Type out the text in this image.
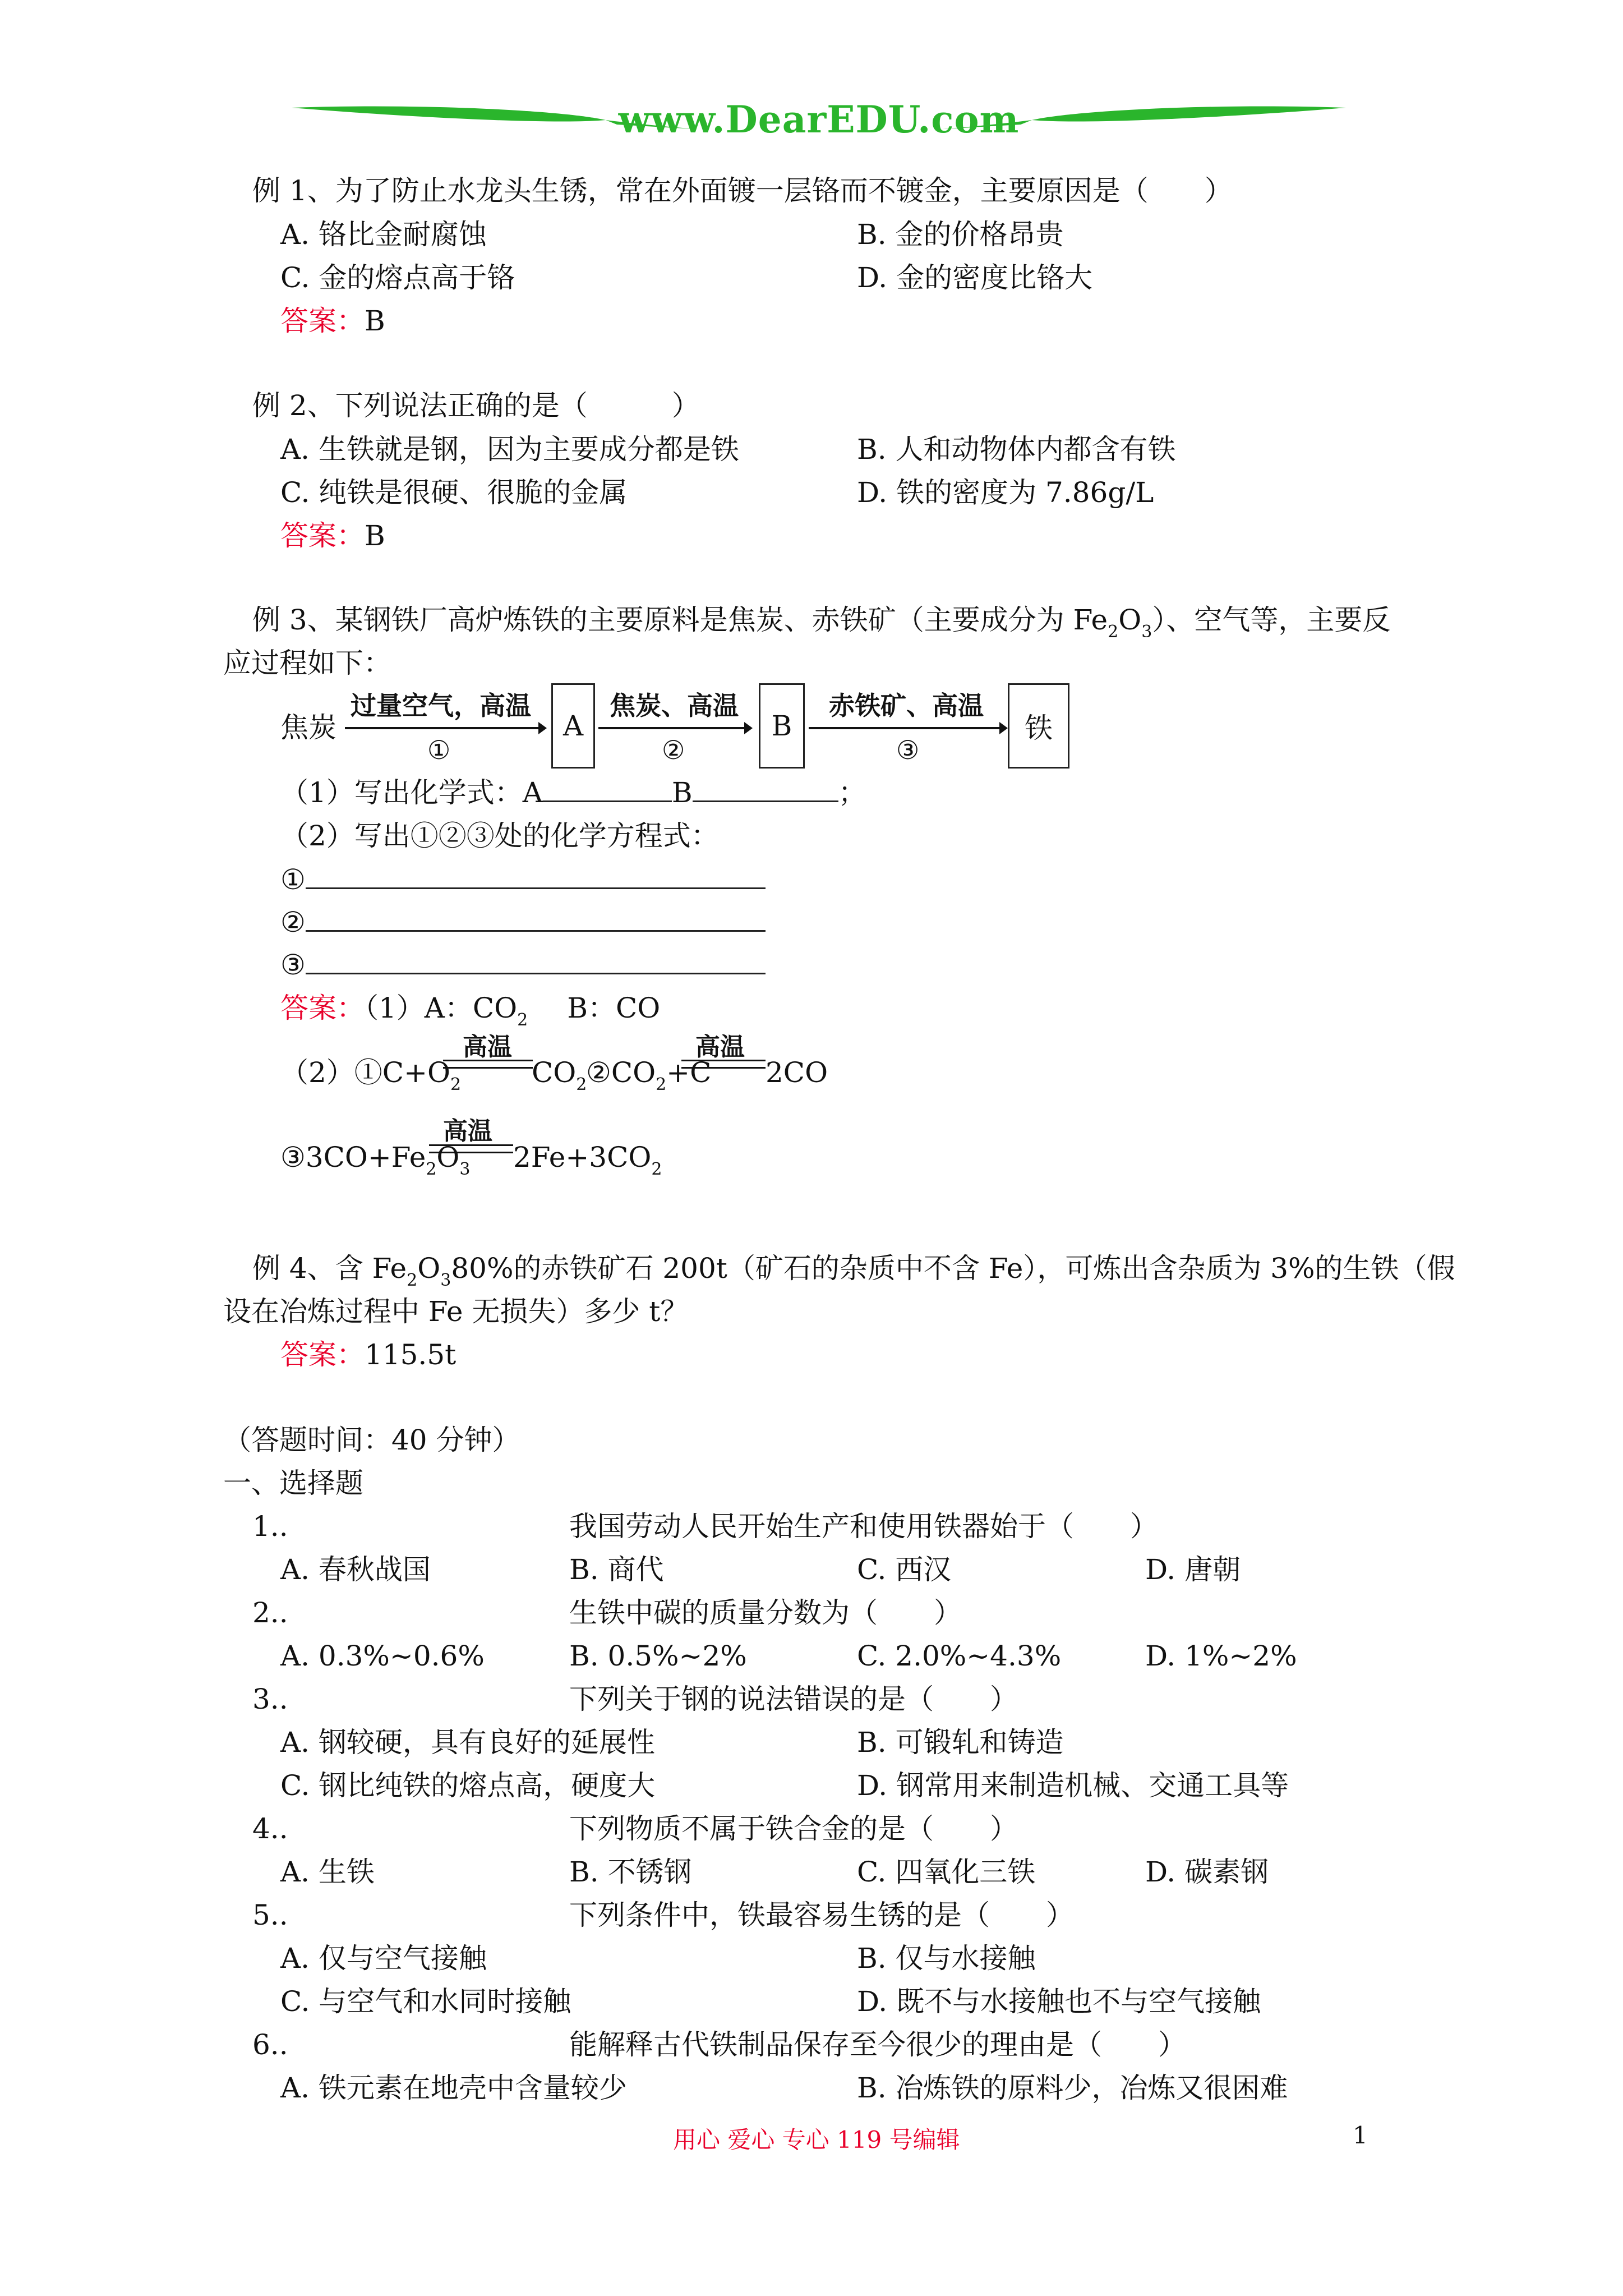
www.DearEDU.com
例 1、为了防止水龙头生锈，常在外面镀一层铬而不镀金，主要原因是（　　）
A. 铬比金耐腐蚀	B. 金的价格昂贵
C. 金的熔点高于铬	D. 金的密度比铬大
答案：B
例 2、下列说法正确的是（　　　）
A. 生铁就是钢，因为主要成分都是铁	B. 人和动物体内都含有铁
C. 纯铁是很硬、很脆的金属	D. 铁的密度为 7.86g/L
答案：B
例 3、某钢铁厂高炉炼铁的主要原料是焦炭、赤铁矿（主要成分为 $Fe_2O_3$）、空气等，主要反
应过程如下：
焦炭
过量空气，高温
①
A
焦炭、高温
②
B
赤铁矿、高温
③
铁
（1）写出化学式：A	B	；
（2）写出①②③处的化学方程式：
①
②
③
答案：（1）A：$CO_2$ B：CO
$(2)①C+O_2$
高温
$CO_2$
$②CO_2+C$
高温
2CO
$③3CO+Fe_2O_3$
高温
$2Fe+3CO_2$
例 4、含 $Fe_2O_380\%$的赤铁矿石 200t（矿石的杂质中不含 Fe），可炼出含杂质为 3%的生铁（假
设在冶炼过程中 Fe 无损失）多少 t？
答案：115.5t
（答题时间：40 分钟）
一、选择题
1..	我国劳动人民开始生产和使用铁器始于（　　）
A. 春秋战国	B. 商代	C. 西汉	D. 唐朝
2..	生铁中碳的质量分数为（　　）
A. 0.3%~0.6%	B. 0.5%~2%	C. 2.0%~4.3%	D. 1%~2%
3..	下列关于钢的说法错误的是（　　）
A. 钢较硬，具有良好的延展性	B. 可锻轧和铸造
C. 钢比纯铁的熔点高，硬度大	D. 钢常用来制造机械、交通工具等
4..	下列物质不属于铁合金的是（　　）
A. 生铁	B. 不锈钢	C. 四氧化三铁	D. 碳素钢
5..	下列条件中，铁最容易生锈的是（　　）
A. 仅与空气接触	B. 仅与水接触
C. 与空气和水同时接触	D. 既不与水接触也不与空气接触
6..	能解释古代铁制品保存至今很少的理由是（　　）
A. 铁元素在地壳中含量较少	B. 冶炼铁的原料少，冶炼又很困难
用心 爱心 专心 119 号编辑	1
